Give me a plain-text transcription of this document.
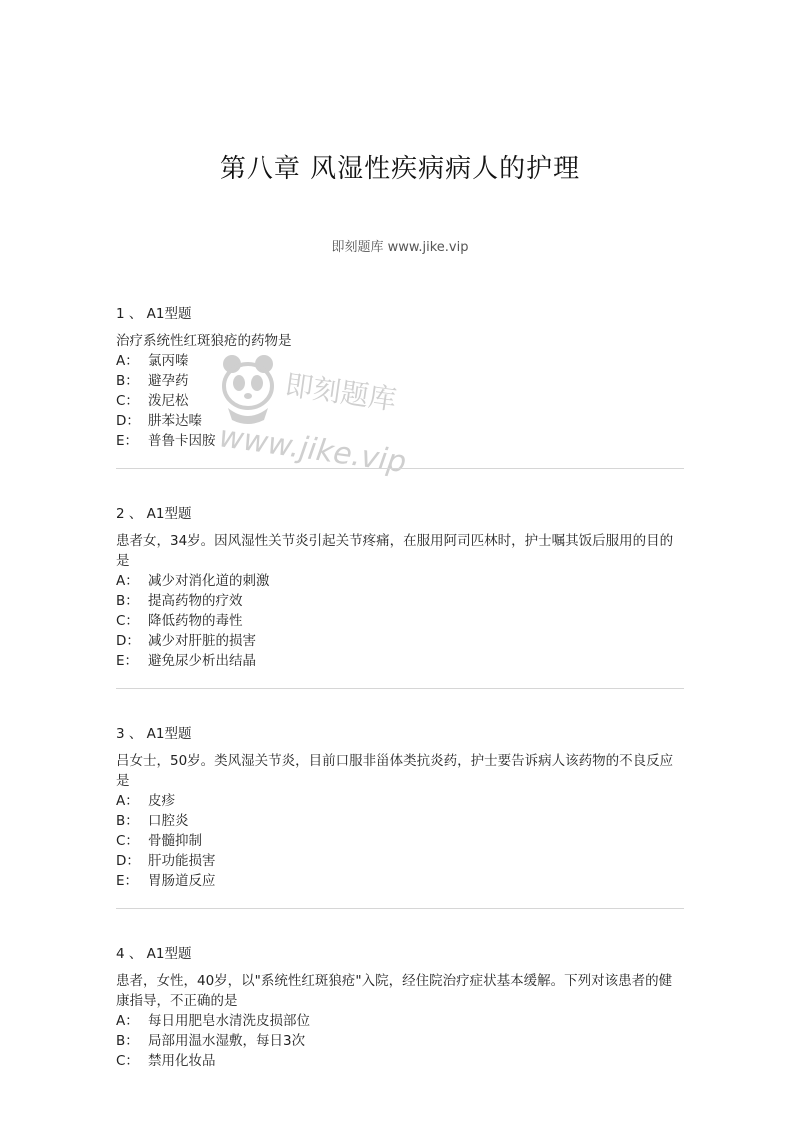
第八章 风湿性疾病病人的护理
即刻题库 www.jike.vip
即刻题库
www.jike.vip
1 、 A1型题

治疗系统性红斑狼疮的药物是

A： 氯丙嗪
B： 避孕药
C： 泼尼松
D： 肼苯达嗪
E： 普鲁卡因胺
2 、 A1型题

患者女，34岁。因风湿性关节炎引起关节疼痛，在服用阿司匹林时，护士嘱其饭后服用的目的是

A： 减少对消化道的刺激
B： 提高药物的疗效
C： 降低药物的毒性
D： 减少对肝脏的损害
E： 避免尿少析出结晶
3 、 A1型题

吕女士，50岁。类风湿关节炎，目前口服非甾体类抗炎药，护士要告诉病人该药物的不良反应是

A： 皮疹
B： 口腔炎
C： 骨髓抑制
D： 肝功能损害
E： 胃肠道反应
4 、 A1型题

患者，女性，40岁，以"系统性红斑狼疮"入院，经住院治疗症状基本缓解。下列对该患者的健康指导，不正确的是

A： 每日用肥皂水清洗皮损部位
B： 局部用温水湿敷，每日3次
C： 禁用化妆品
